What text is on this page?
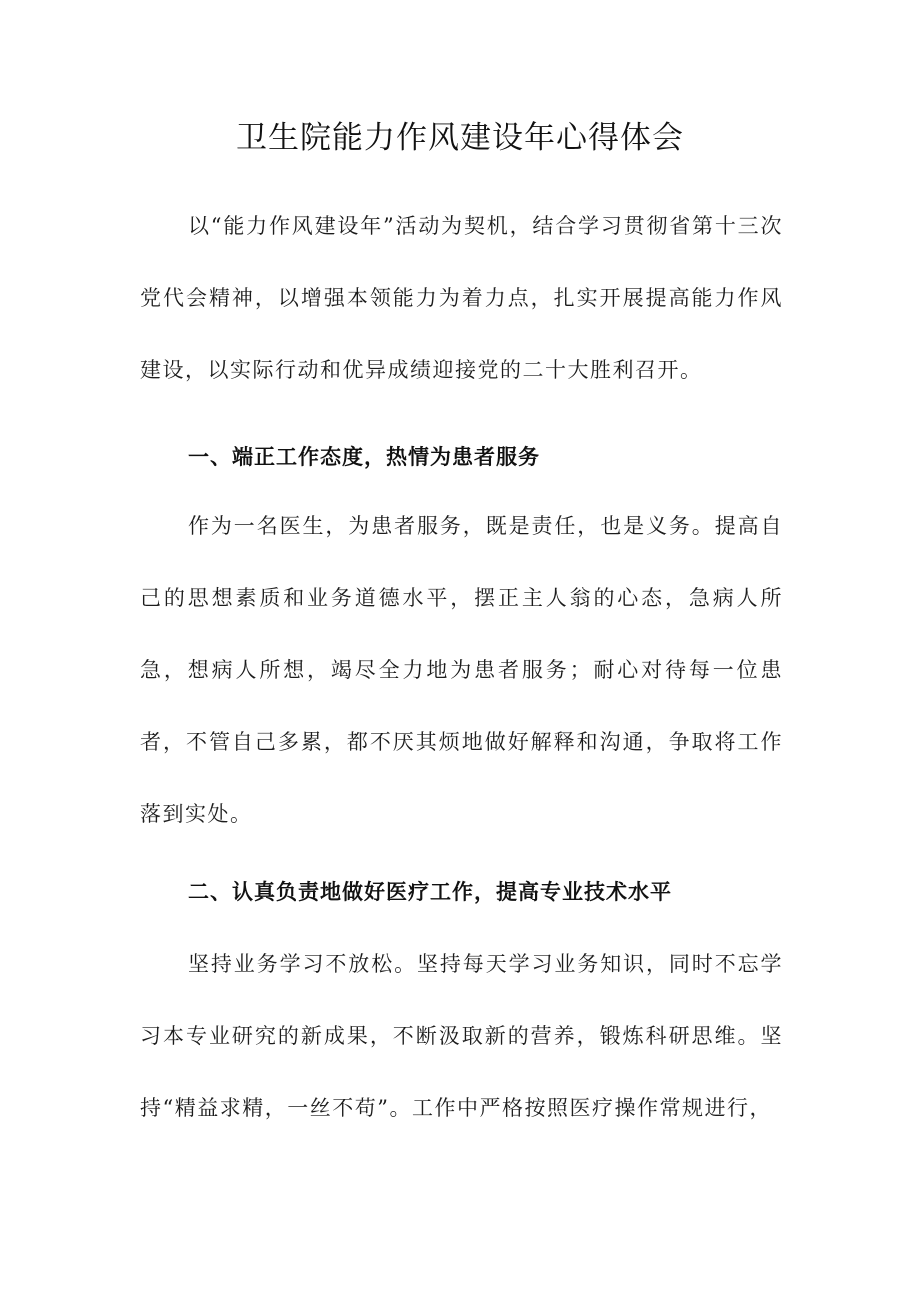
卫生院能力作风建设年心得体会

以“能力作风建设年”活动为契机，结合学习贯彻省第十三次党代会精神，以增强本领能力为着力点，扎实开展提高能力作风建设，以实际行动和优异成绩迎接党的二十大胜利召开。

一、端正工作态度，热情为患者服务

作为一名医生，为患者服务，既是责任，也是义务。提高自己的思想素质和业务道德水平，摆正主人翁的心态，急病人所急，想病人所想，竭尽全力地为患者服务；耐心对待每一位患者，不管自己多累，都不厌其烦地做好解释和沟通，争取将工作落到实处。

二、认真负责地做好医疗工作，提高专业技术水平

坚持业务学习不放松。坚持每天学习业务知识，同时不忘学习本专业研究的新成果，不断汲取新的营养，锻炼科研思维。坚持“精益求精，一丝不苟”。工作中严格按照医疗操作常规进行，
